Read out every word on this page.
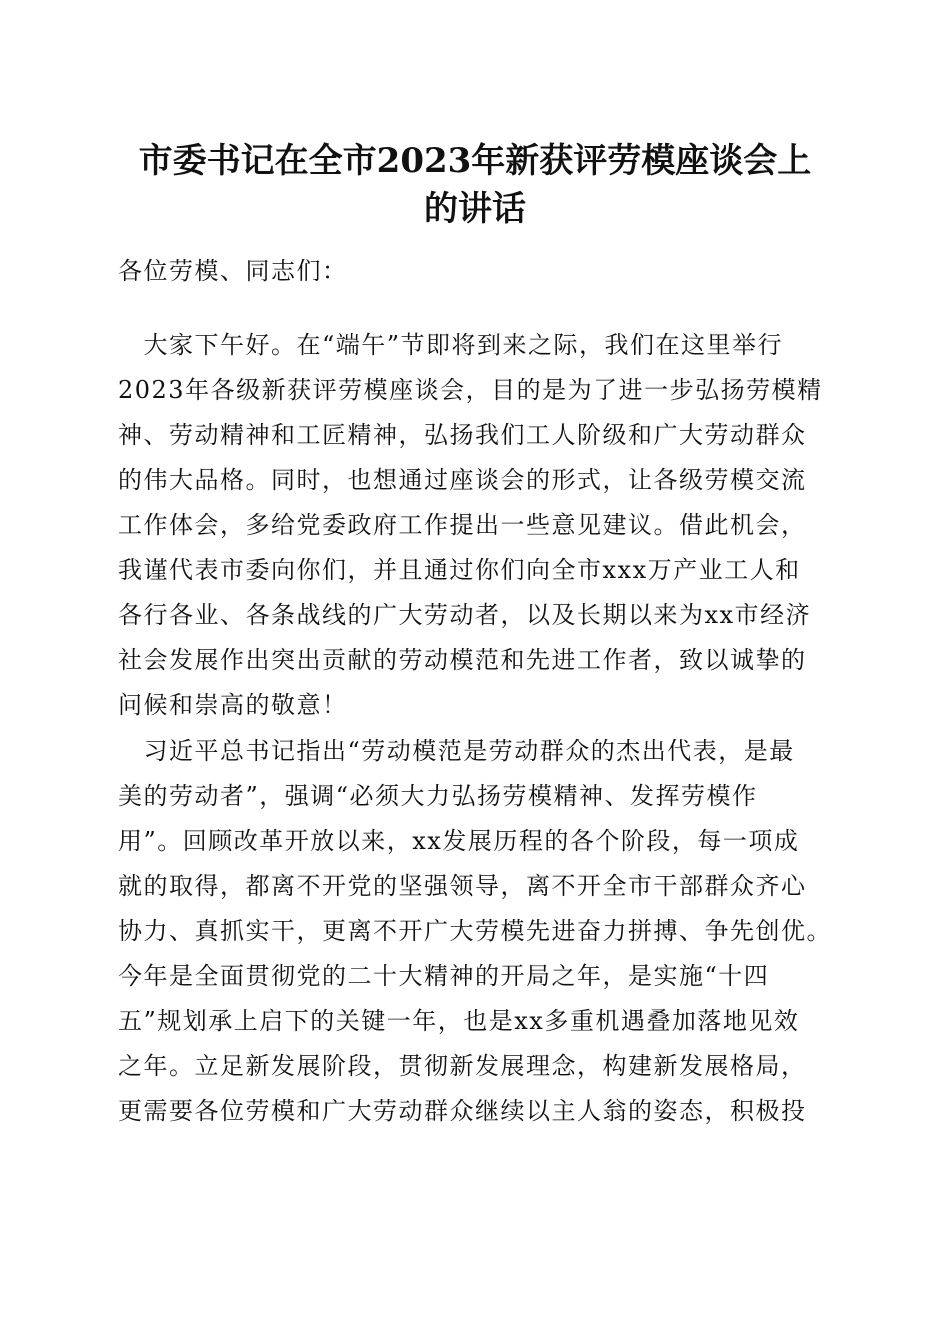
市委书记在全市2023年新获评劳模座谈会上
的讲话
各位劳模、同志们：
　大家下午好。在“端午”节即将到来之际，我们在这里举行
2023年各级新获评劳模座谈会，目的是为了进一步弘扬劳模精
神、劳动精神和工匠精神，弘扬我们工人阶级和广大劳动群众
的伟大品格。同时，也想通过座谈会的形式，让各级劳模交流
工作体会，多给党委政府工作提出一些意见建议。借此机会，
我谨代表市委向你们，并且通过你们向全市xxx万产业工人和
各行各业、各条战线的广大劳动者，以及长期以来为xx市经济
社会发展作出突出贡献的劳动模范和先进工作者，致以诚挚的
问候和崇高的敬意！
　习近平总书记指出“劳动模范是劳动群众的杰出代表，是最
美的劳动者”，强调“必须大力弘扬劳模精神、发挥劳模作
用”。回顾改革开放以来，xx发展历程的各个阶段，每一项成
就的取得，都离不开党的坚强领导，离不开全市干部群众齐心
协力、真抓实干，更离不开广大劳模先进奋力拼搏、争先创优。
今年是全面贯彻党的二十大精神的开局之年，是实施“十四
五”规划承上启下的关键一年，也是xx多重机遇叠加落地见效
之年。立足新发展阶段，贯彻新发展理念，构建新发展格局，
更需要各位劳模和广大劳动群众继续以主人翁的姿态，积极投
